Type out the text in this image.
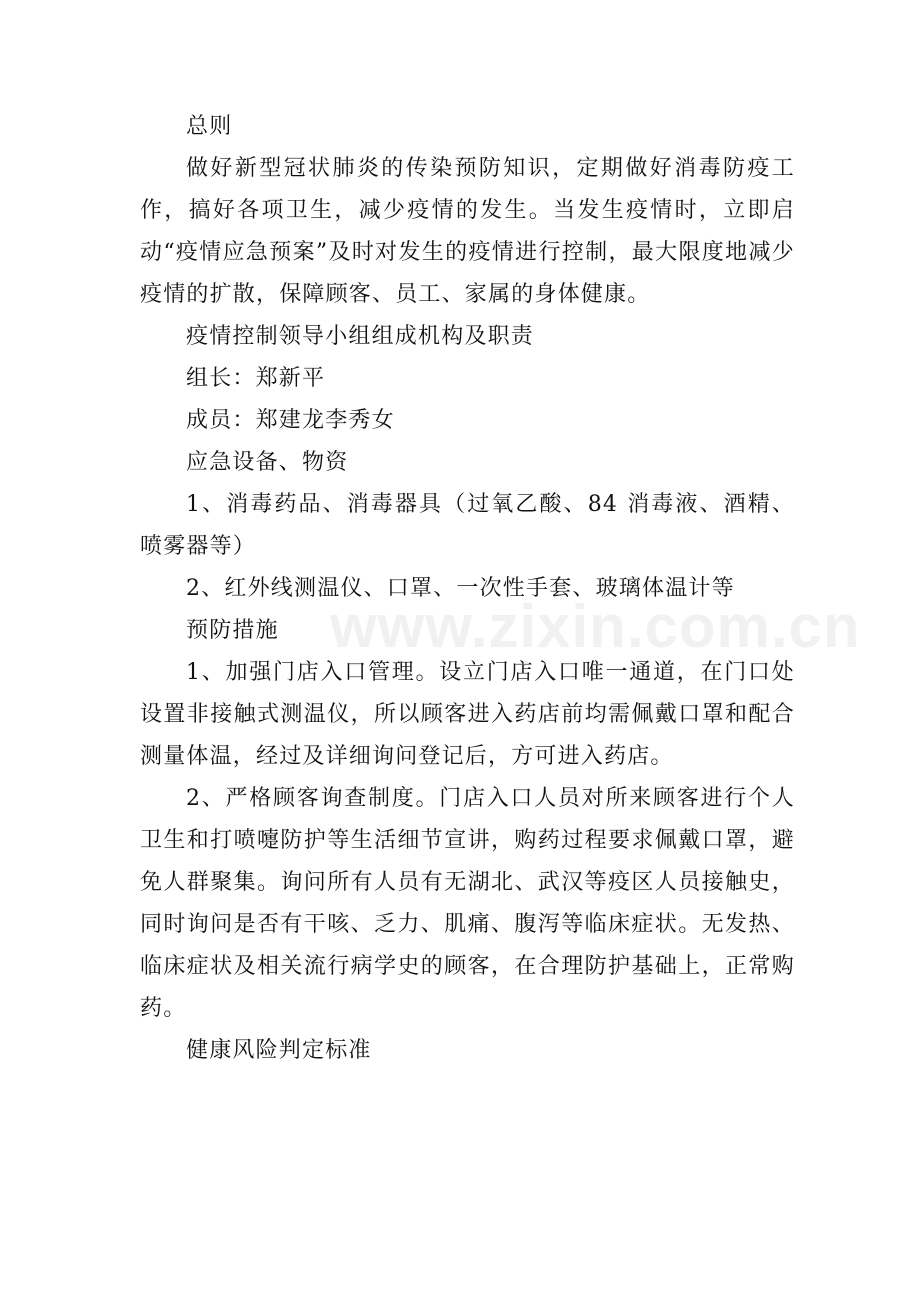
总则

做好新型冠状肺炎的传染预防知识，定期做好消毒防疫工作，搞好各项卫生，减少疫情的发生。当发生疫情时，立即启动“疫情应急预案”及时对发生的疫情进行控制，最大限度地减少疫情的扩散，保障顾客、员工、家属的身体健康。

疫情控制领导小组组成机构及职责

组长：郑新平

成员：郑建龙李秀女

应急设备、物资

1、消毒药品、消毒器具（过氧乙酸、84 消毒液、酒精、喷雾器等）

2、红外线测温仪、口罩、一次性手套、玻璃体温计等

预防措施

1、加强门店入口管理。设立门店入口唯一通道，在门口处设置非接触式测温仪，所以顾客进入药店前均需佩戴口罩和配合测量体温，经过及详细询问登记后，方可进入药店。

2、严格顾客询查制度。门店入口人员对所来顾客进行个人卫生和打喷嚏防护等生活细节宣讲，购药过程要求佩戴口罩，避免人群聚集。询问所有人员有无湖北、武汉等疫区人员接触史，同时询问是否有干咳、乏力、肌痛、腹泻等临床症状。无发热、临床症状及相关流行病学史的顾客，在合理防护基础上，正常购药。

健康风险判定标准

www.zixin.com.cn
